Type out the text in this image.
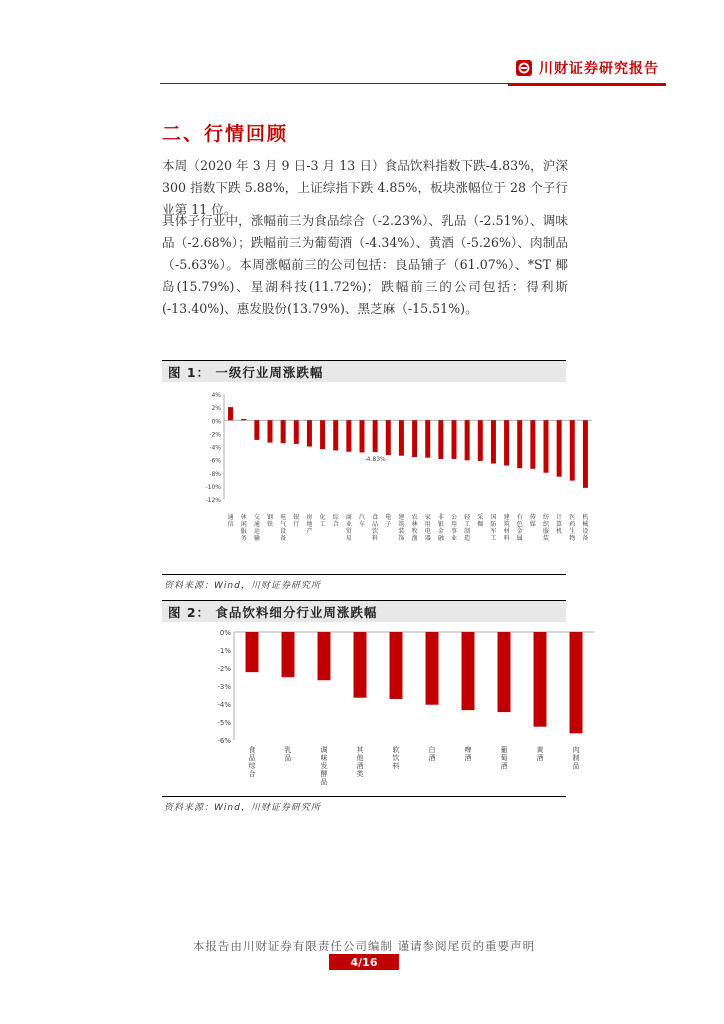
川财证券研究报告
二、行情回顾
本周（2020 年 3 月 9 日-3 月 13 日）食品饮料指数下跌-4.83%，沪深 300 指数下跌 5.88%，上证综指下跌 4.85%，板块涨幅位于 28 个子行业第 11 位。
具体子行业中，涨幅前三为食品综合（-2.23%）、乳品（-2.51%）、调味品（-2.68%）；跌幅前三为葡萄酒（-4.34%）、黄酒（-5.26%）、肉制品（-5.63%）。本周涨幅前三的公司包括：良品铺子（61.07%）、*ST 椰岛(15.79%)、星湖科技(11.72%)；跌幅前三的公司包括：得利斯(-13.40%)、惠发股份(13.79%)、黑芝麻（-15.51%)。
图 1： 一级行业周涨跌幅
4%
2%
0%
-2%
-4%
-6%
-8%
-10%
-12%
通信
休闲服务
交通运输
钢铁
电气设备
银行
房地产
化工
综合
商业贸易
汽车
食品饮料
电子
建筑装饰
农林牧渔
家用电器
非银金融
公用事业
轻工制造
采掘
国防军工
建筑材料
有色金属
传媒
纺织服装
计算机
医药生物
机械设备
-4.83%
资料来源：Wind，川财证券研究所
图 2： 食品饮料细分行业周涨跌幅
0%
-1%
-2%
-3%
-4%
-5%
-6%
食品综合
乳品
调味发酵品
其他酒类
软饮料
白酒
啤酒
葡萄酒
黄酒
肉制品
资料来源：Wind，川财证券研究所
本报告由川财证券有限责任公司编制 谨请参阅尾页的重要声明
4/16
